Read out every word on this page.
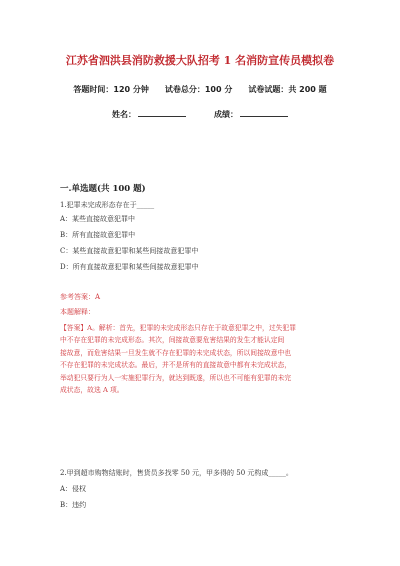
江苏省泗洪县消防救援大队招考 1 名消防宣传员模拟卷
答题时间：120 分钟 试卷总分：100 分 试卷试题：共 200 题
姓名：	成绩：
一.单选题(共 100 题)
1.犯罪未完成形态存在于_____
A：某些直接故意犯罪中
B：所有直接故意犯罪中
C：某些直接故意犯罪和某些间接故意犯罪中
D：所有直接故意犯罪和某些间接故意犯罪中
参考答案：A
本题解释：
【答案】A。解析：首先，犯罪的未完成形态只存在于故意犯罪之中，过失犯罪
中不存在犯罪的未完成形态。其次，间接故意要危害结果的发生才能认定间
接故意，而危害结果一旦发生就不存在犯罪的未完成状态，所以间接故意中也
不存在犯罪的未完成状态。最后，并不是所有的直接故意中都有未完成状态，
举动犯只要行为人一实施犯罪行为，就达到既遂，所以也不可能有犯罪的未完
成状态，故选 A 项。
2.甲到超市购物结账时，售货员多找零 50 元，甲多得的 50 元构成_____。
A：侵权
B：违约
